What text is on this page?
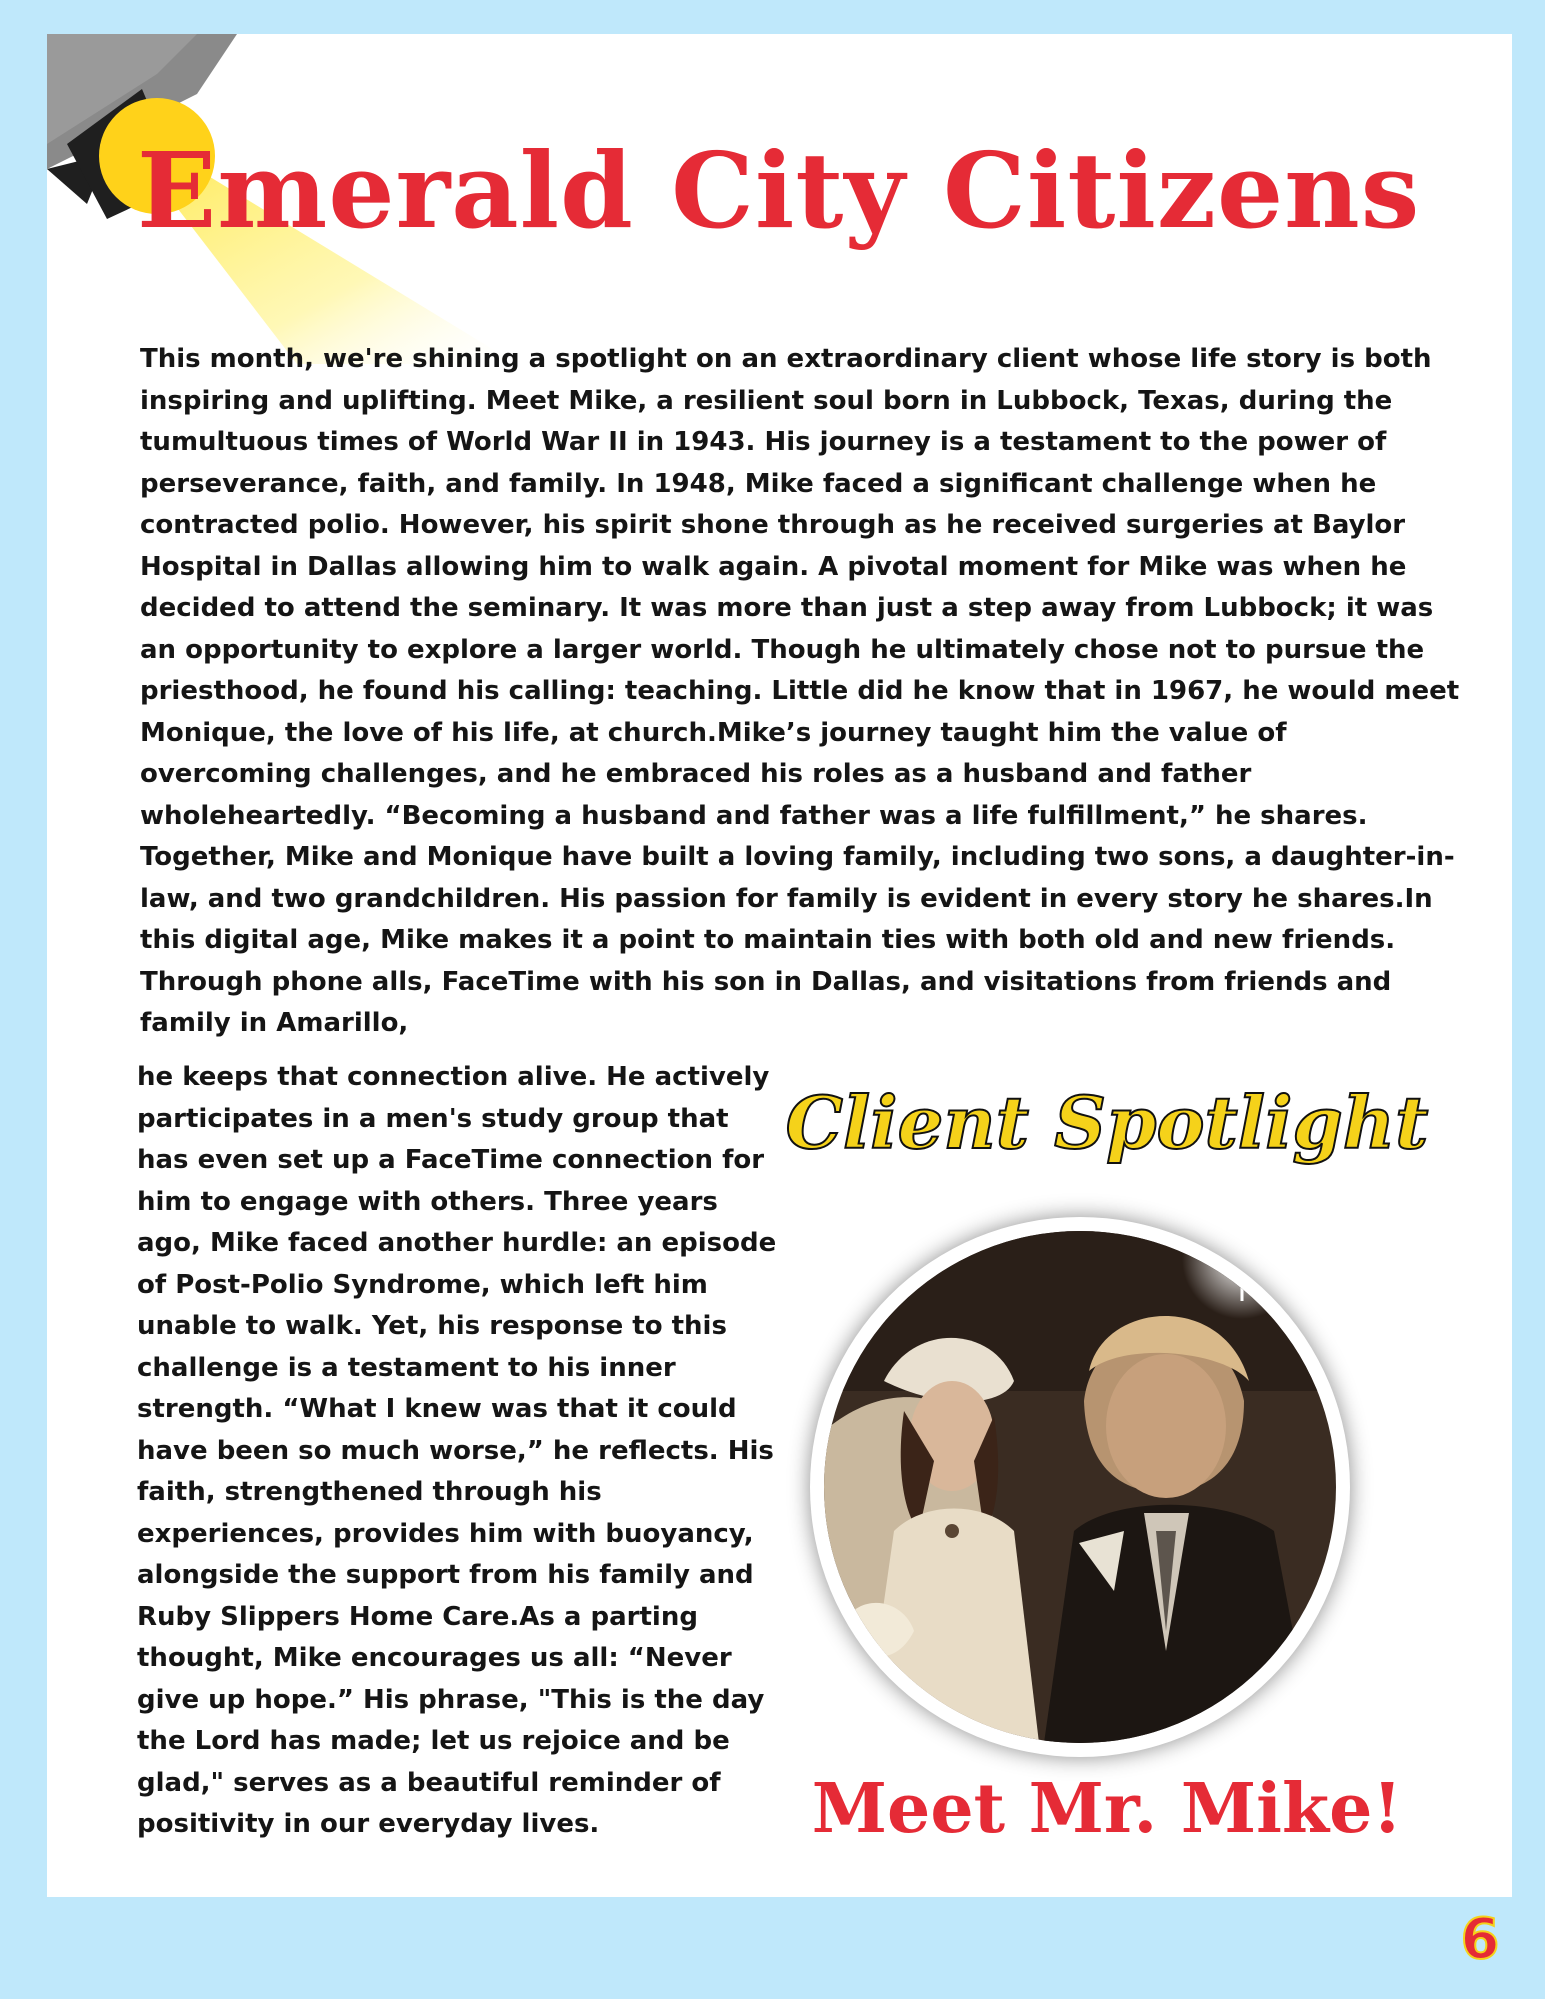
Emerald City Citizens

This month, we're shining a spotlight on an extraordinary client whose life story is both inspiring and uplifting. Meet Mike, a resilient soul born in Lubbock, Texas, during the tumultuous times of World War II in 1943. His journey is a testament to the power of perseverance, faith, and family. In 1948, Mike faced a significant challenge when he contracted polio. However, his spirit shone through as he received surgeries at Baylor Hospital in Dallas allowing him to walk again. A pivotal moment for Mike was when he decided to attend the seminary. It was more than just a step away from Lubbock; it was an opportunity to explore a larger world. Though he ultimately chose not to pursue the priesthood, he found his calling: teaching. Little did he know that in 1967, he would meet Monique, the love of his life, at church.Mike’s journey taught him the value of overcoming challenges, and he embraced his roles as a husband and father wholeheartedly. “Becoming a husband and father was a life fulfillment,” he shares. Together, Mike and Monique have built a loving family, including two sons, a daughter-in-law, and two grandchildren. His passion for family is evident in every story he shares.In this digital age, Mike makes it a point to maintain ties with both old and new friends. Through phone alls, FaceTime with his son in Dallas, and visitations from friends and family in Amarillo,

he keeps that connection alive. He actively participates in a men's study group that has even set up a FaceTime connection for him to engage with others. Three years ago, Mike faced another hurdle: an episode of Post-Polio Syndrome, which left him unable to walk. Yet, his response to this challenge is a testament to his inner strength. “What I knew was that it could have been so much worse,” he reflects. His faith, strengthened through his experiences, provides him with buoyancy, alongside the support from his family and Ruby Slippers Home Care.As a parting thought, Mike encourages us all: “Never give up hope.” His phrase, "This is the day the Lord has made; let us rejoice and be glad," serves as a beautiful reminder of positivity in our everyday lives.

Client Spotlight
Meet Mr. Mike!
6
